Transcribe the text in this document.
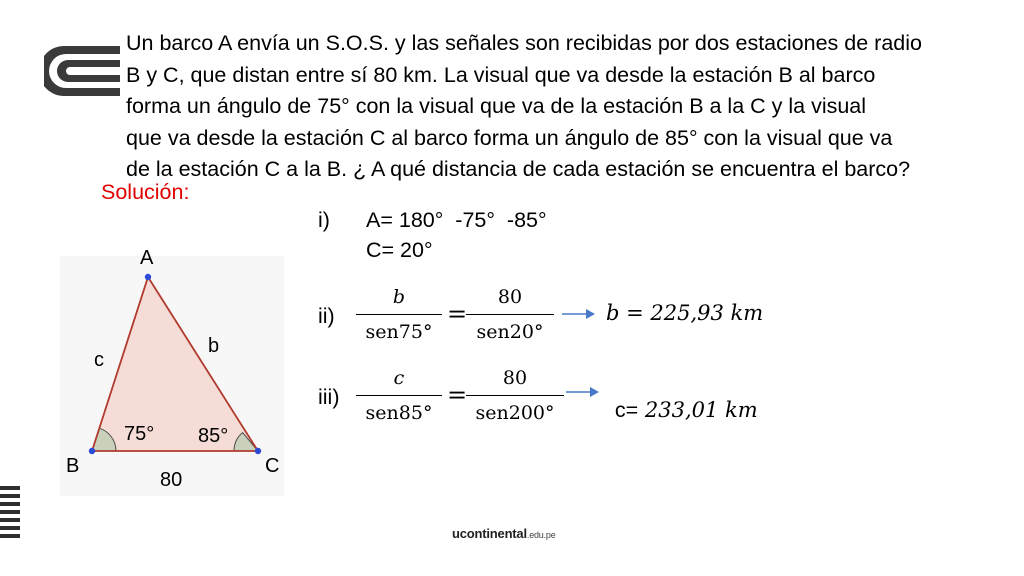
Un barco A envía un S.O.S. y las señales son recibidas por dos estaciones de radio
B y C, que distan entre sí 80 km. La visual que va desde la estación B al barco
forma un ángulo de 75° con la visual que va de la estación B a la C y la visual
que va desde la estación C al barco forma un ángulo de 85° con la visual que va
de la estación C a la B. ¿ A qué distancia de cada estación se encuentra el barco?

Solución:
i) A= 180°  -75°  -85°
C= 20°
ii)
b
sen75°
=
80
sen20°
b = 225,93 km
iii)
c
sen85°
=
80
sen200°	c= 233,01 km

A
B	C
b
c
80
75° 85°
ucontinental.edu.pe
